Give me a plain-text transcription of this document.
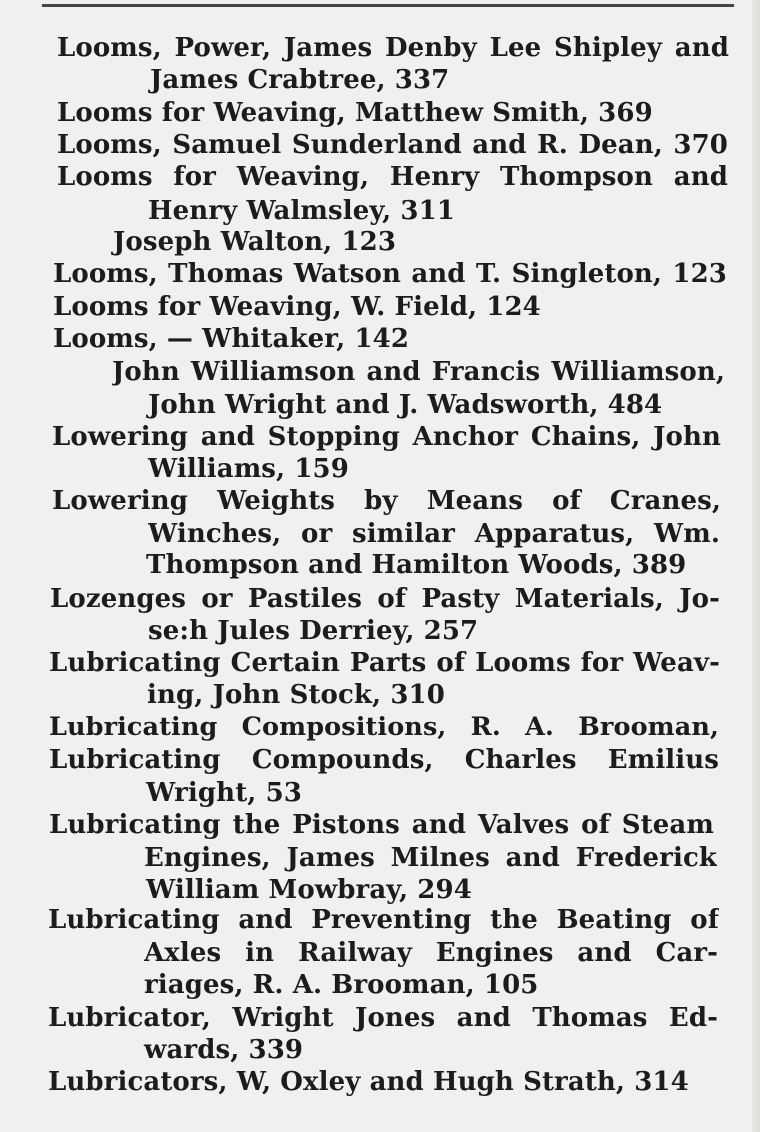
Looms, Power, James Denby Lee Shipley and
James Crabtree, 337
Looms for Weaving, Matthew Smith, 369
Looms, Samuel Sunderland and R. Dean, 370
Looms for Weaving, Henry Thompson and
Henry Walmsley, 311
Joseph Walton, 123
Looms, Thomas Watson and T. Singleton, 123
Looms for Weaving, W. Field, 124
Looms, — Whitaker, 142
John Williamson and Francis Williamson,
John Wright and J. Wadsworth, 484
Lowering and Stopping Anchor Chains, John
Williams, 159
Lowering Weights by Means of Cranes,
Winches, or similar Apparatus, Wm.
Thompson and Hamilton Woods, 389
Lozenges or Pastiles of Pasty Materials, Jo-
se:h Jules Derriey, 257
Lubricating Certain Parts of Looms for Weav-
ing, John Stock, 310
Lubricating Compositions, R. A. Brooman,
Lubricating Compounds, Charles Emilius
Wright, 53
Lubricating the Pistons and Valves of Steam
Engines, James Milnes and Frederick
William Mowbray, 294
Lubricating and Preventing the Beating of
Axles in Railway Engines and Car-
riages, R. A. Brooman, 105
Lubricator, Wright Jones and Thomas Ed-
wards, 339
Lubricators, W, Oxley and Hugh Strath, 314
